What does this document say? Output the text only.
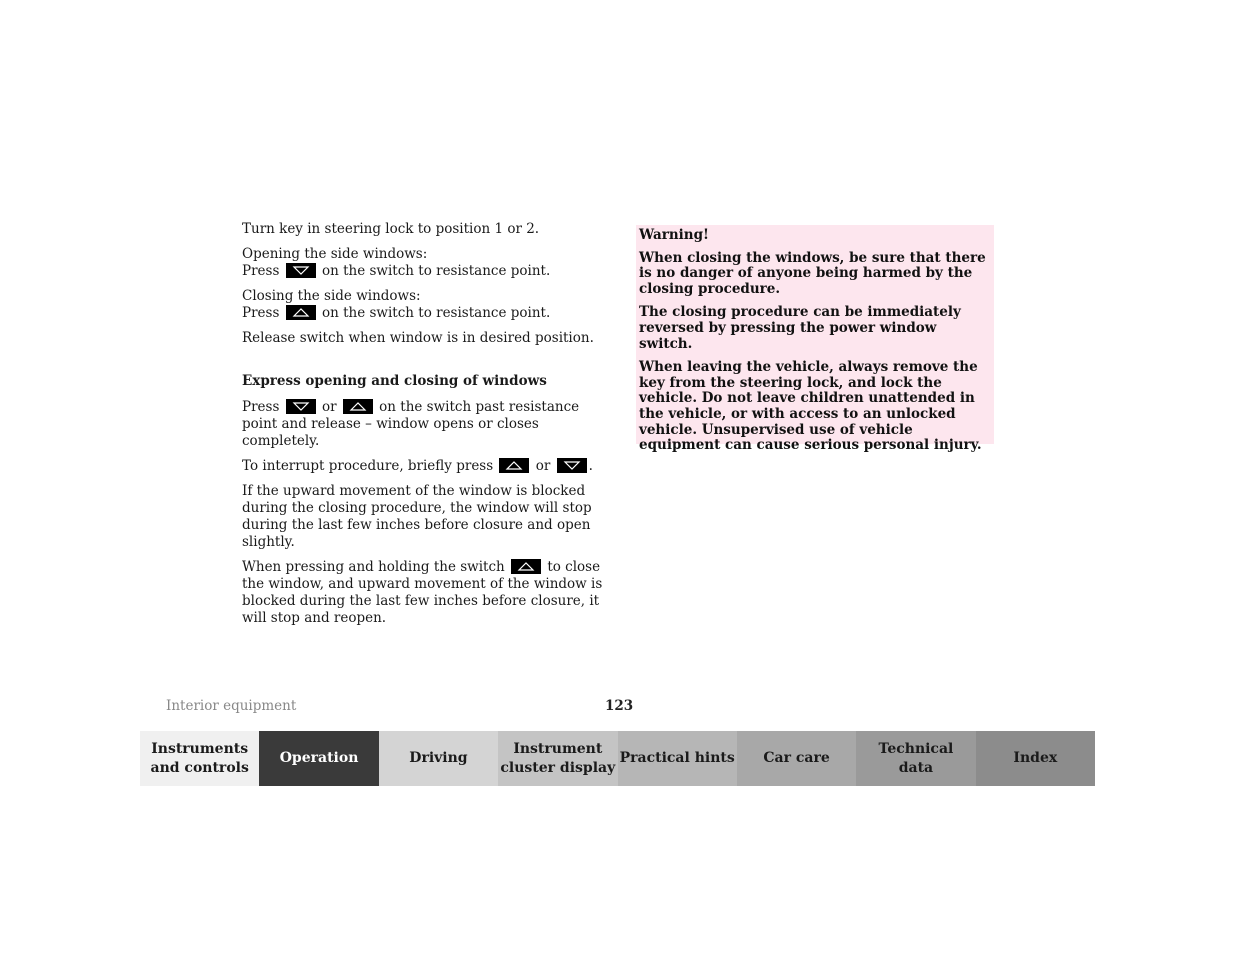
Turn key in steering lock to position 1 or 2.

Opening the side windows:
Press	on the switch to resistance point.

Closing the side windows:
Press	on the switch to resistance point.

Release switch when window is in desired position.

Express opening and closing of windows

Press	or	on the switch past resistance point and release – window opens or closes completely.

To interrupt procedure, briefly press	or	.

If the upward movement of the window is blocked during the closing procedure, the window will stop during the last few inches before closure and open slightly.

When pressing and holding the switch	to close the window, and upward movement of the window is blocked during the last few inches before closure, it will stop and reopen.

Warning!

When closing the windows, be sure that there is no danger of anyone being harmed by the closing procedure.

The closing procedure can be immediately reversed by pressing the power window switch.

When leaving the vehicle, always remove the key from the steering lock, and lock the vehicle. Do not leave children unattended in the vehicle, or with access to an unlocked vehicle. Unsupervised use of vehicle equipment can cause serious personal injury.

Interior equipment	123
Instruments
and controls
Operation	Driving
Instrument
cluster display
Practical hints Car care
Technical
data
Index
